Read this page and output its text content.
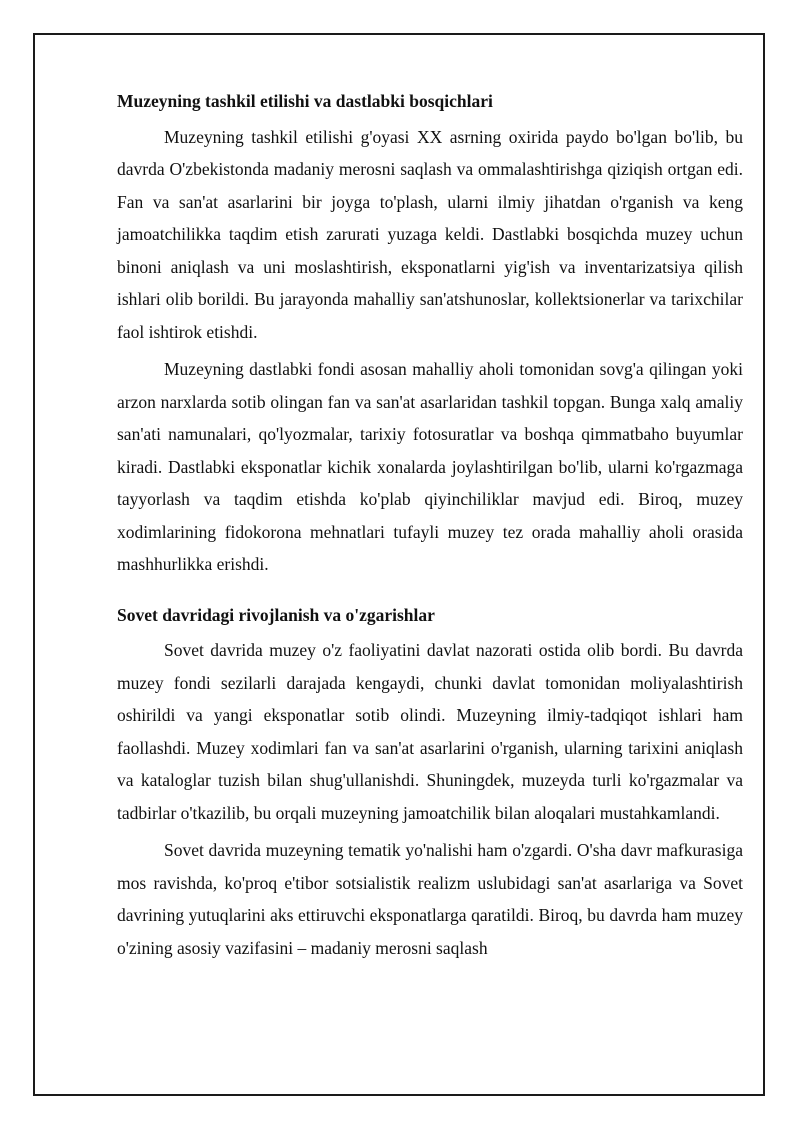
Muzeyning tashkil etilishi va dastlabki bosqichlari

Muzeyning tashkil etilishi g'oyasi XX asrning oxirida paydo bo'lgan bo'lib, bu davrda O'zbekistonda madaniy merosni saqlash va ommalashtirishga qiziqish ortgan edi. Fan va san'at asarlarini bir joyga to'plash, ularni ilmiy jihatdan o'rganish va keng jamoatchilikka taqdim etish zarurati yuzaga keldi. Dastlabki bosqichda muzey uchun binoni aniqlash va uni moslashtirish, eksponatlarni yig'ish va inventarizatsiya qilish ishlari olib borildi. Bu jarayonda mahalliy san'atshunoslar, kollektsionerlar va tarixchilar faol ishtirok etishdi.

Muzeyning dastlabki fondi asosan mahalliy aholi tomonidan sovg'a qilingan yoki arzon narxlarda sotib olingan fan va san'at asarlaridan tashkil topgan. Bunga xalq amaliy san'ati namunalari, qo'lyozmalar, tarixiy fotosuratlar va boshqa qimmatbaho buyumlar kiradi. Dastlabki eksponatlar kichik xonalarda joylashtirilgan bo'lib, ularni ko'rgazmaga tayyorlash va taqdim etishda ko'plab qiyinchiliklar mavjud edi. Biroq, muzey xodimlarining fidokorona mehnatlari tufayli muzey tez orada mahalliy aholi orasida mashhurlikka erishdi.

Sovet davridagi rivojlanish va o'zgarishlar

Sovet davrida muzey o'z faoliyatini davlat nazorati ostida olib bordi. Bu davrda muzey fondi sezilarli darajada kengaydi, chunki davlat tomonidan moliyalashtirish oshirildi va yangi eksponatlar sotib olindi. Muzeyning ilmiy-tadqiqot ishlari ham faollashdi. Muzey xodimlari fan va san'at asarlarini o'rganish, ularning tarixini aniqlash va kataloglar tuzish bilan shug'ullanishdi. Shuningdek, muzeyda turli ko'rgazmalar va tadbirlar o'tkazilib, bu orqali muzeyning jamoatchilik bilan aloqalari mustahkamlandi.

Sovet davrida muzeyning tematik yo'nalishi ham o'zgardi. O'sha davr mafkurasiga mos ravishda, ko'proq e'tibor sotsialistik realizm uslubidagi san'at asarlariga va Sovet davrining yutuqlarini aks ettiruvchi eksponatlarga qaratildi. Biroq, bu davrda ham muzey o'zining asosiy vazifasini – madaniy merosni saqlash
